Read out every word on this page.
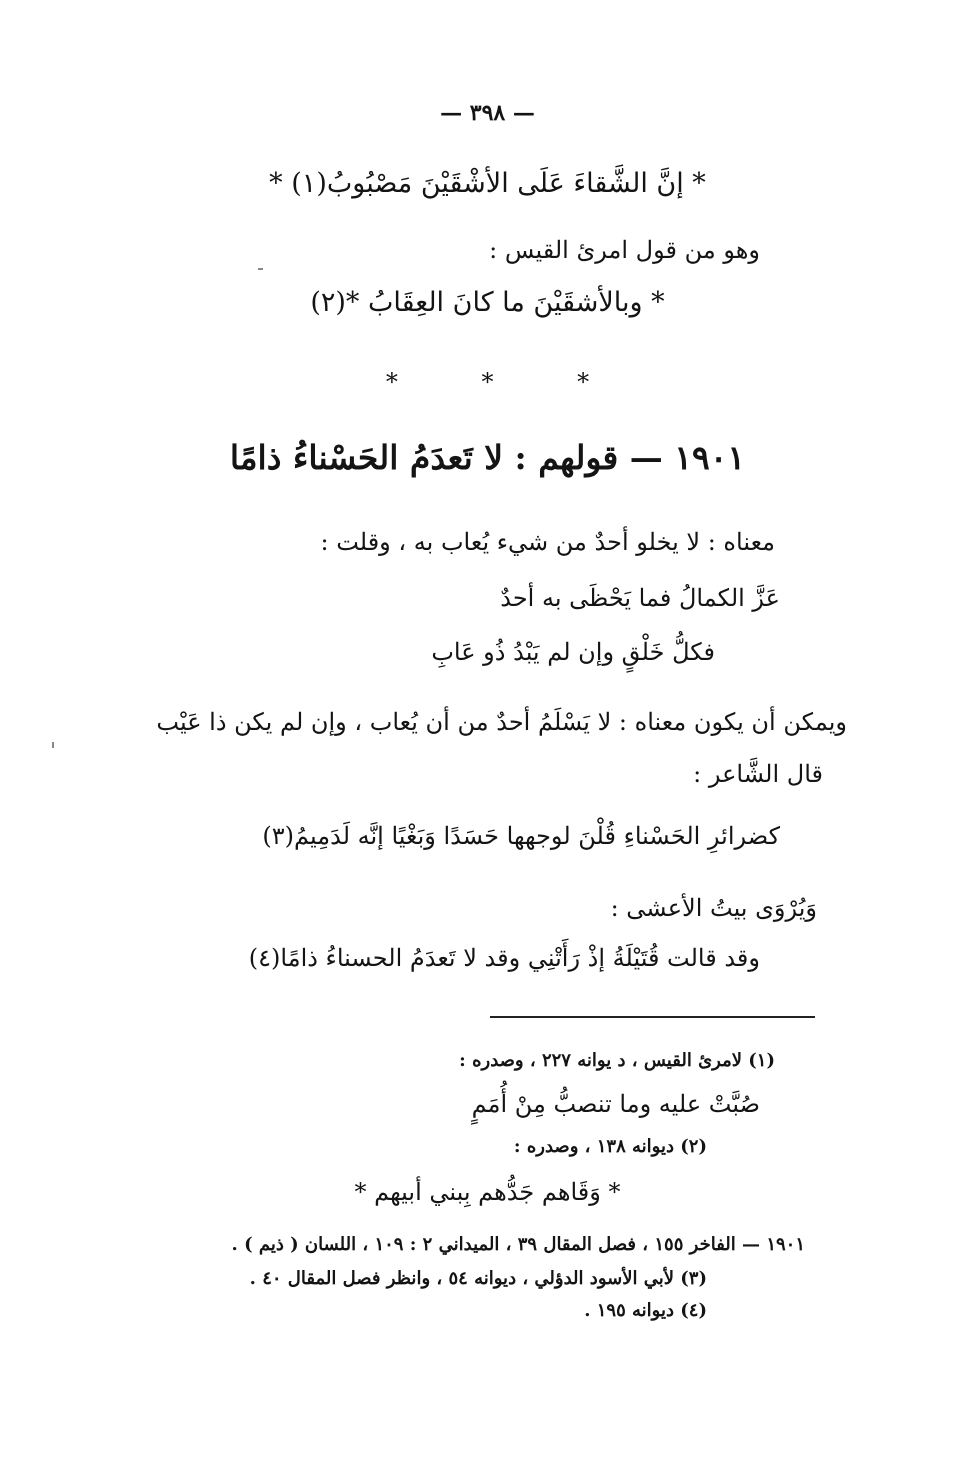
— ٣٩٨ —
* إنَّ الشَّقاءَ عَلَى الأشْقَيْنَ مَصْبُوبُ(١) *
وهو من قول امرئ القيس :
* وبالأشقَيْنَ ما كانَ العِقَابُ *(٢)
* * *
١٩٠١ — قولهم : لا تَعدَمُ الحَسْناءُ ذامًا
معناه : لا يخلو أحدٌ من شيء يُعاب به ، وقلت :
عَزَّ الكمالُ فما يَحْظَى به أحدٌ
فكلُّ خَلْقٍ وإن لم يَبْدُ ذُو عَابِ
ويمكن أن يكون معناه : لا يَسْلَمُ أحدٌ من أن يُعاب ، وإن لم يكن ذا عَيْب
قال الشَّاعر :
كضرائرِ الحَسْناءِ قُلْنَ لوجهها حَسَدًا وَبَغْيًا إنَّه لَدَمِيمُ(٣)
وَيُرْوَى بيتُ الأعشى :
وقد قالت قُتَيْلَةُ إذْ رَأَتْنِي وقد لا تَعدَمُ الحسناءُ ذامًا(٤)
(١) لامرئ القيس ، د يوانه ٢٢٧ ، وصدره :
صُبَّتْ عليه وما تنصبُّ مِنْ أُمَمٍ
(٢) ديوانه ١٣٨ ، وصدره :
* وَقَاهم جَدُّهم بِبني أبيهم *
١٩٠١ — الفاخر ١٥٥ ، فصل المقال ٣٩ ، الميداني ٢ : ١٠٩ ، اللسان ( ذيم ) .
(٣) لأبي الأسود الدؤلي ، ديوانه ٥٤ ، وانظر فصل المقال ٤٠ .
(٤) ديوانه ١٩٥ .
